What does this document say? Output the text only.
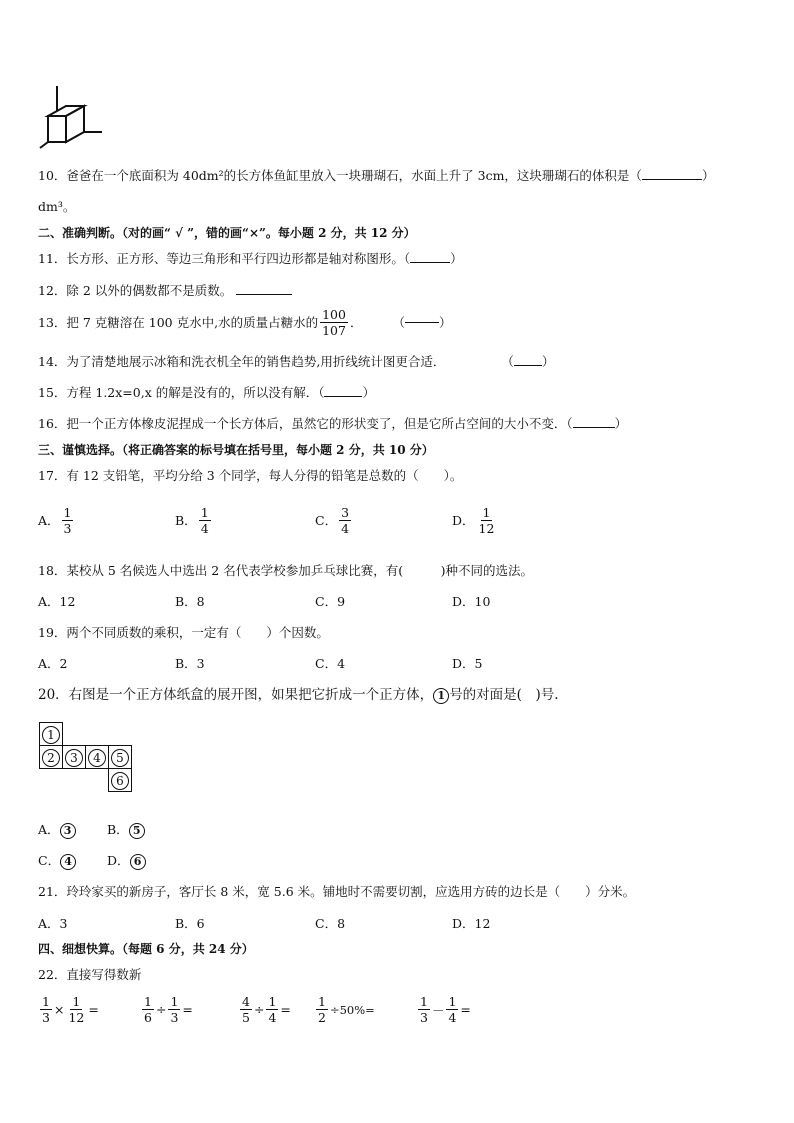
10．爸爸在一个底面积为 40dm²的长方体鱼缸里放入一块珊瑚石，水面上升了 3cm，这块珊瑚石的体积是（	）
dm³。
二、准确判断。（对的画“ √ ”，错的画“×”。每小题 2 分，共 12 分）
11．长方形、正方形、等边三角形和平行四边形都是轴对称图形。（	）
12．除 2 以外的偶数都不是质数。
13．把 7 克糖溶在 100 克水中,水的质量占糖水的 $\frac{100}{107}$ ． （	）
14．为了清楚地展示冰箱和洗衣机全年的销售趋势,用折线统计图更合适．	（ ）
15．方程 1.2x=0,x 的解是没有的，所以没有解．（	）
16．把一个正方体橡皮泥捏成一个长方体后，虽然它的形状变了，但是它所占空间的大小不变．（	）
三、谨慎选择。（将正确答案的标号填在括号里，每小题 2 分，共 10 分）
17．有 12 支铅笔，平均分给 3 个同学，每人分得的铅笔是总数的（　　）。
A． $\frac{1}{3}$	B． $\frac{1}{4}$	C． $\frac{3}{4}$	D． $\frac{1}{12}$
18．某校从 5 名候选人中选出 2 名代表学校参加乒乓球比赛，有(　　　)种不同的选法。
A．12	B．8	C．9	D．10
19．两个不同质数的乘积，一定有（　　）个因数。
A．2	B．3	C．4	D．5
20．右图是一个正方体纸盒的展开图，如果把它折成一个正方体， 1 号的对面是(　)号.
1			
2	3	4	5
			6
A． 3	B． 5
C． 4	D． 6
21．玲玲家买的新房子，客厅长 8 米，宽 5.6 米。铺地时不需要切割，应选用方砖的边长是（　　）分米。
A．3	B．6	C．8	D．12
四、细想快算。（每题 6 分，共 24 分）
22．直接写得数新
$\frac{1}{3} \times \frac{1}{12}$ =	$\frac{1}{6} \div \frac{1}{3}$ =	$\frac{4}{5} \div \frac{1}{4} = \frac{1}{2} \div 50\%=$	$\frac{1}{3} - \frac{1}{4}$ =
